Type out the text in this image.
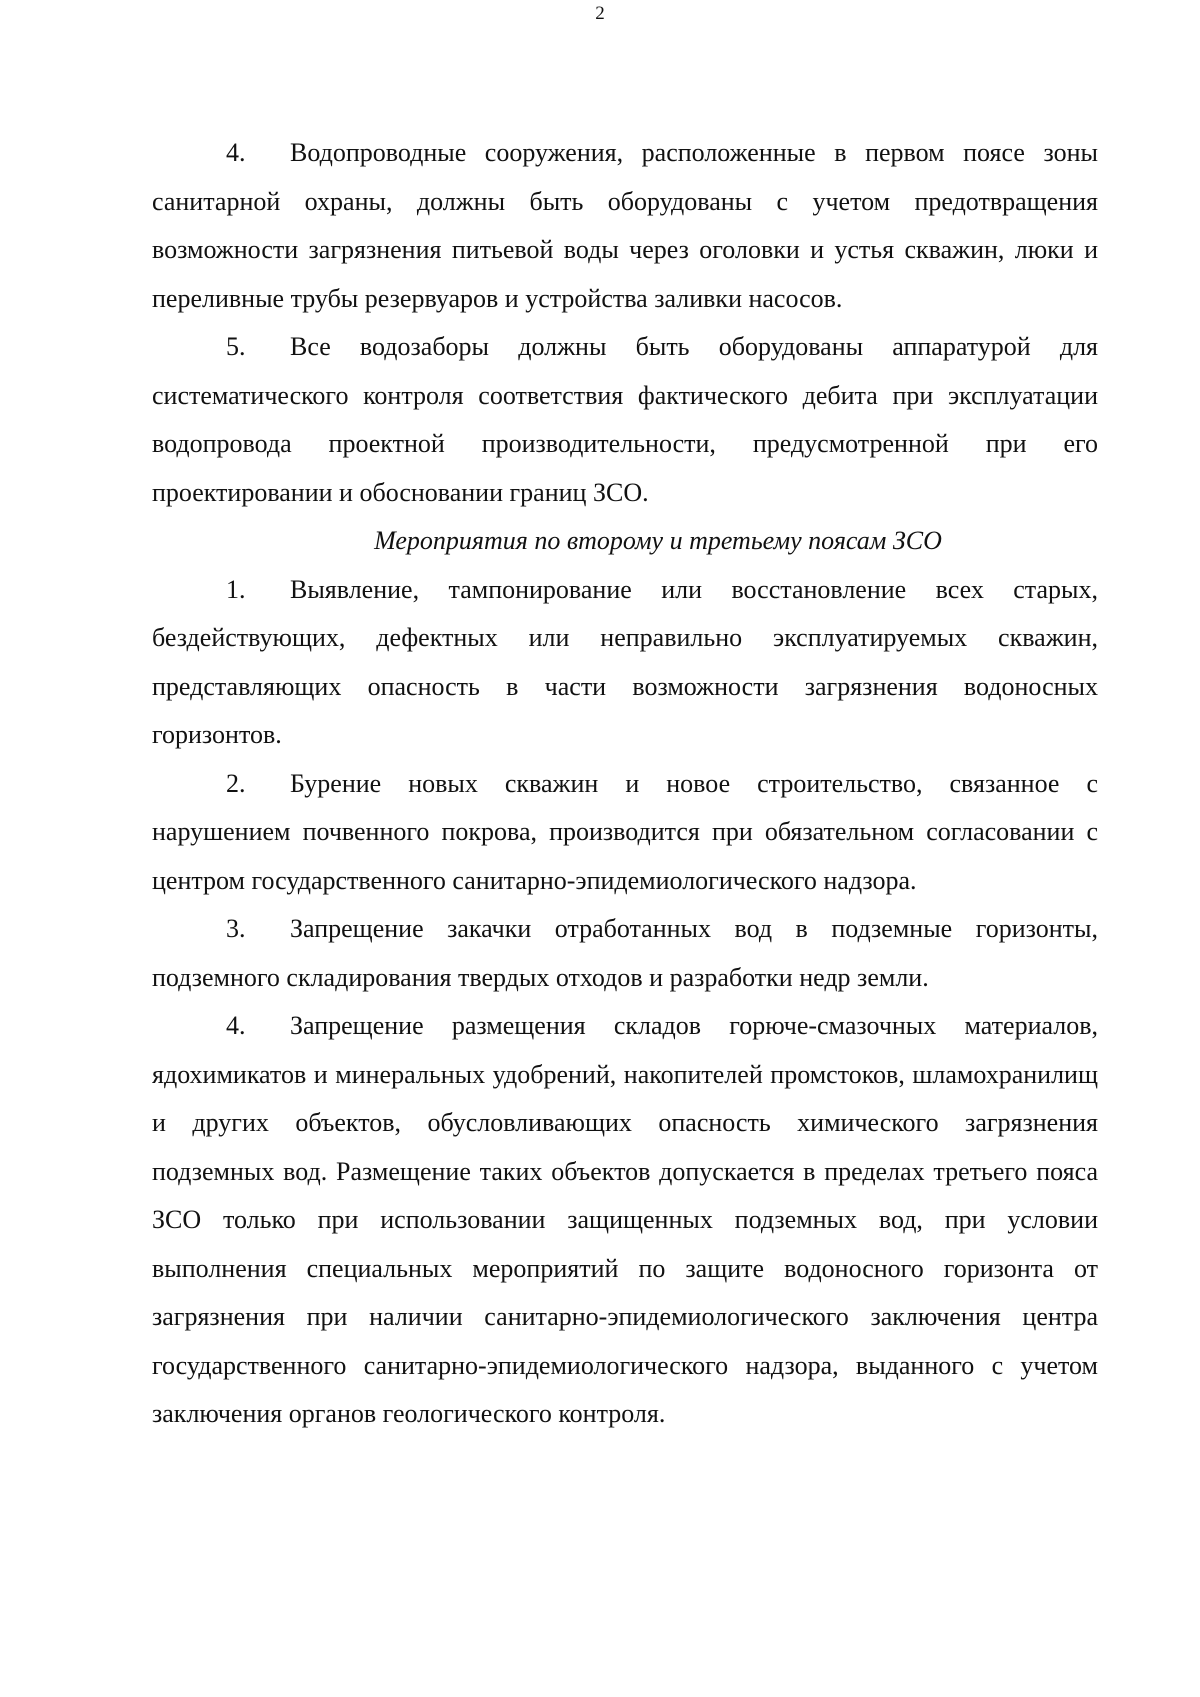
2

4. Водопроводные сооружения, расположенные в первом поясе зоны санитарной охраны, должны быть оборудованы с учетом предотвращения возможности загрязнения питьевой воды через оголовки и устья скважин, люки и переливные трубы резервуаров и устройства заливки насосов.

5. Все водозаборы должны быть оборудованы аппаратурой для систематического контроля соответствия фактического дебита при эксплуатации водопровода проектной производительности, предусмотренной при его проектировании и обосновании границ ЗСО.

Мероприятия по второму и третьему поясам ЗСО

1. Выявление, тампонирование или восстановление всех старых, бездействующих, дефектных или неправильно эксплуатируемых скважин, представляющих опасность в части возможности загрязнения водоносных горизонтов.

2. Бурение новых скважин и новое строительство, связанное с нарушением почвенного покрова, производится при обязательном согласовании с центром государственного санитарно-эпидемиологического надзора.

3. Запрещение закачки отработанных вод в подземные горизонты, подземного складирования твердых отходов и разработки недр земли.

4. Запрещение размещения складов горюче-смазочных материалов, ядохимикатов и минеральных удобрений, накопителей промстоков, шламохранилищ и других объектов, обусловливающих опасность химического загрязнения подземных вод. Размещение таких объектов допускается в пределах третьего пояса ЗСО только при использовании защищенных подземных вод, при условии выполнения специальных мероприятий по защите водоносного горизонта от загрязнения при наличии санитарно-эпидемиологического заключения центра государственного санитарно-эпидемиологического надзора, выданного с учетом заключения органов геологического контроля.
